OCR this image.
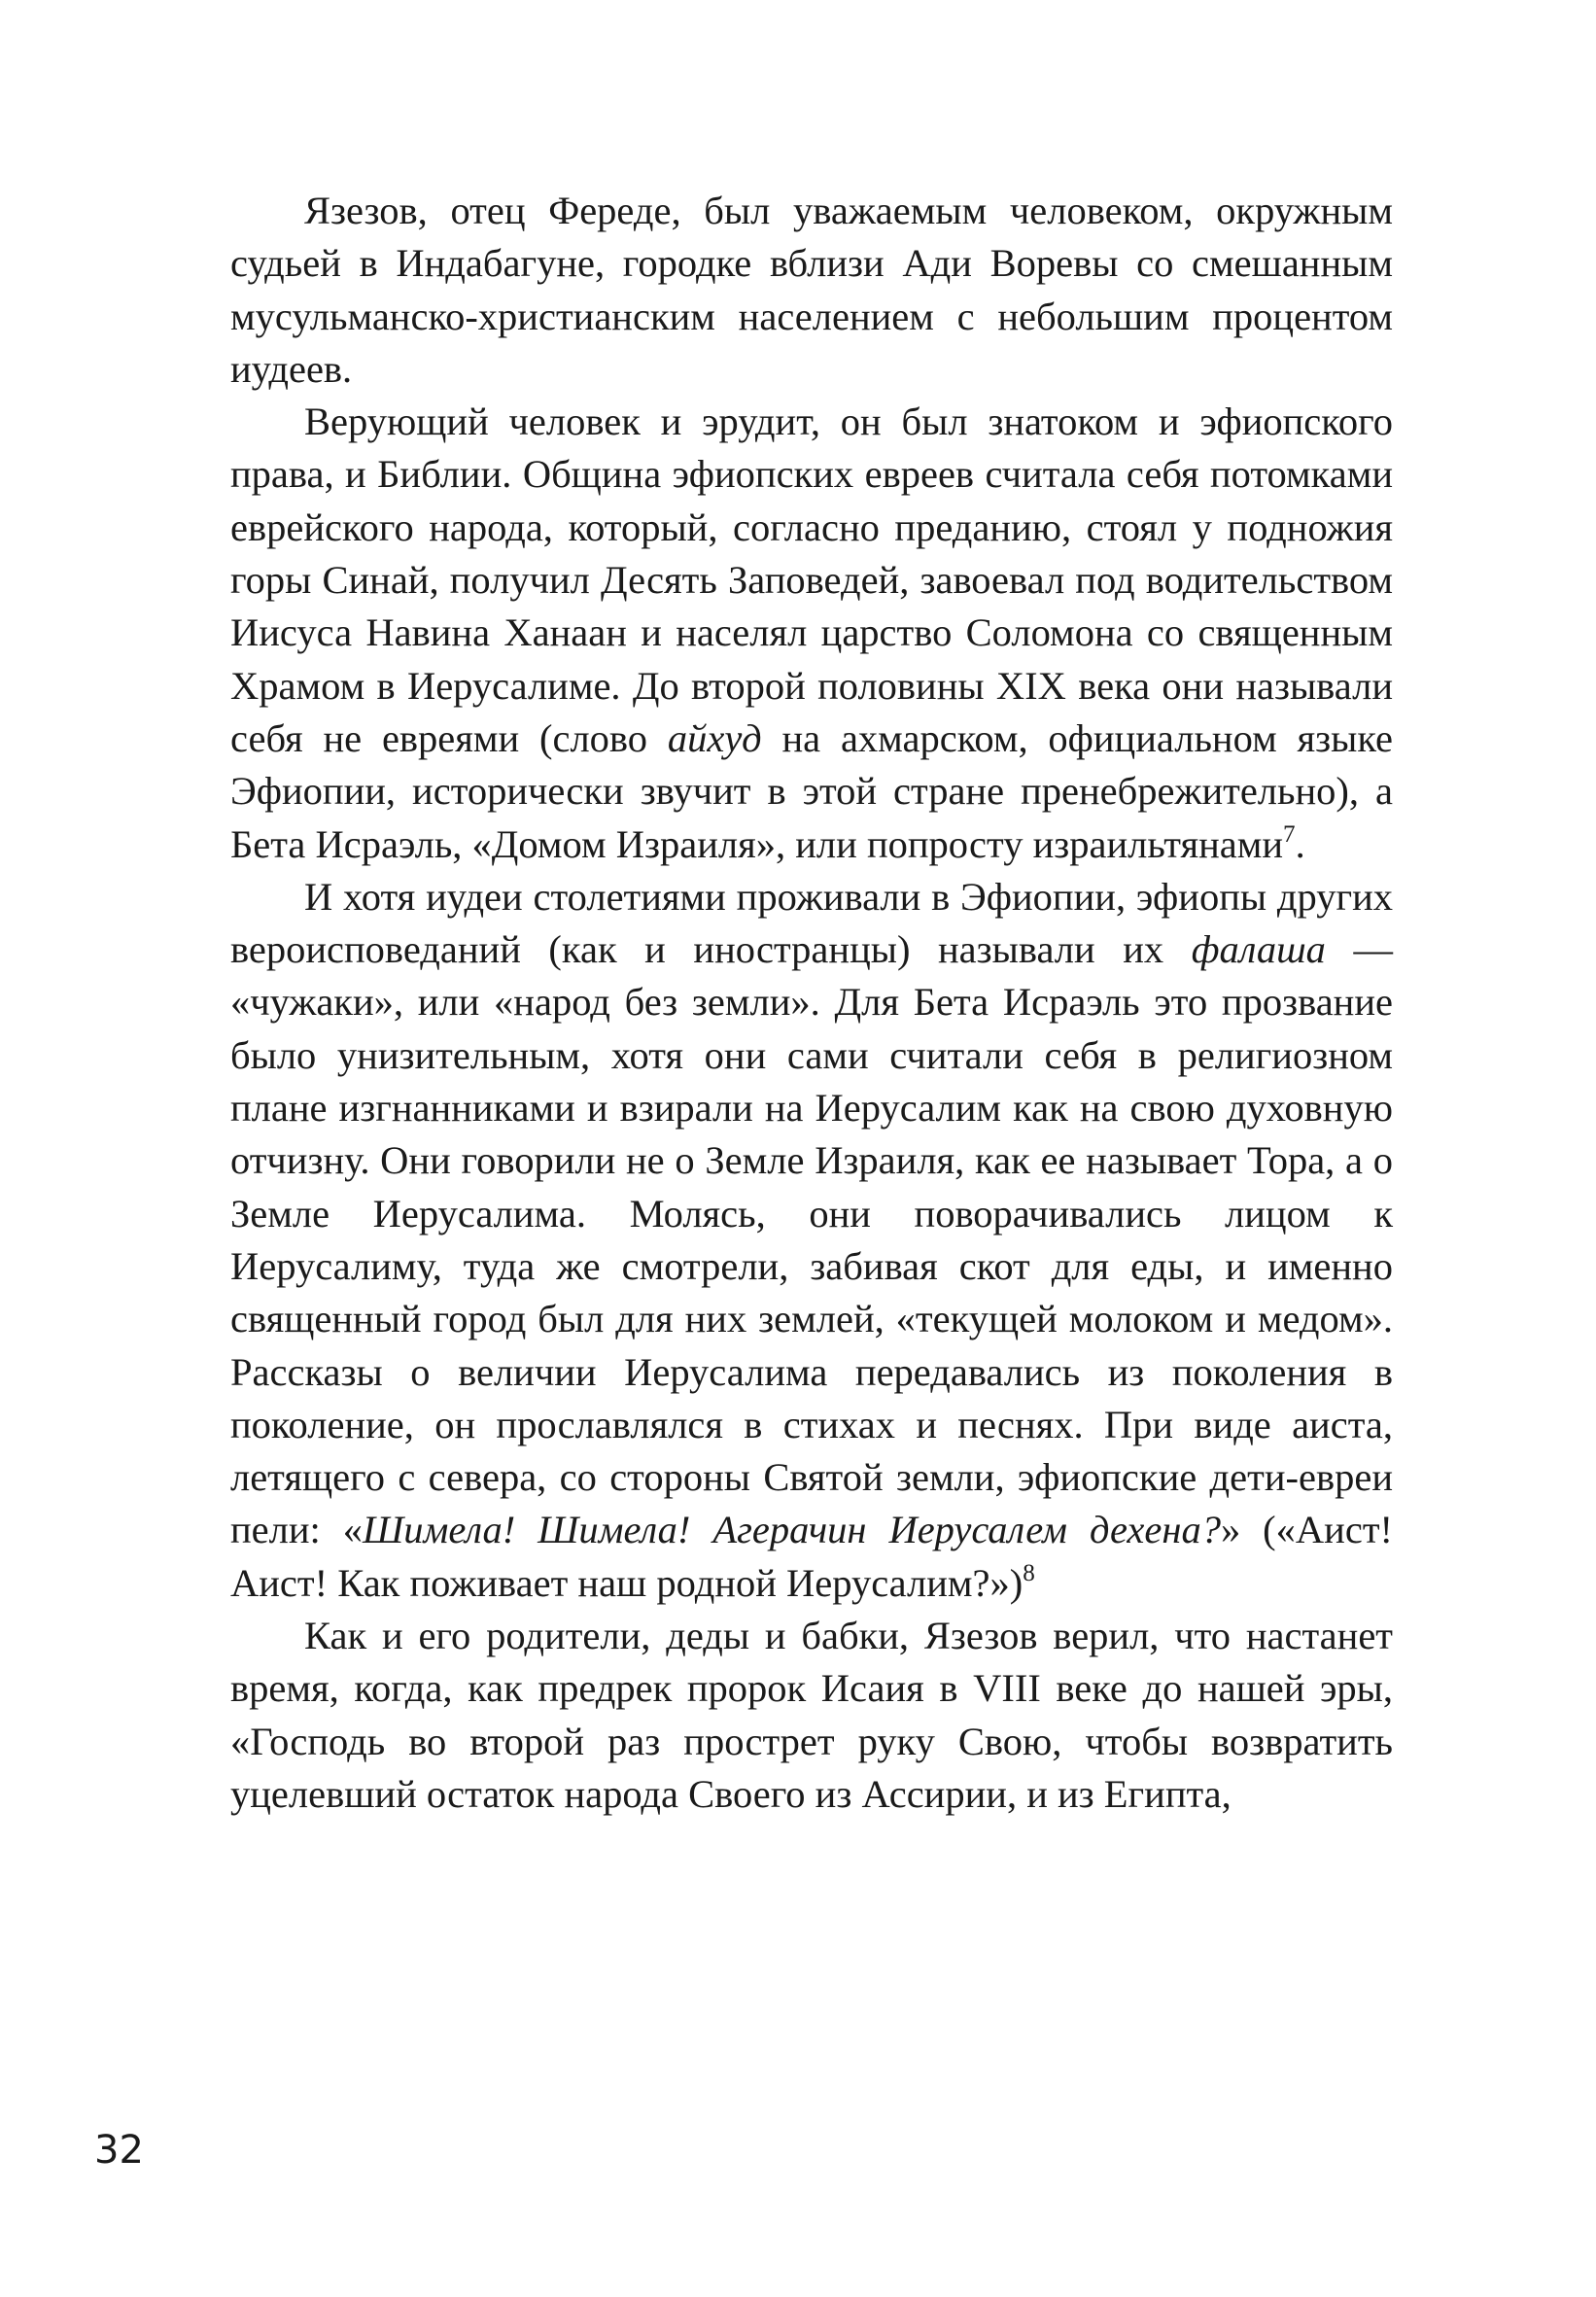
Язезов, отец Фереде, был уважаемым человеком, окружным судьей в Индабагуне, городке вблизи Ади Воревы со смешанным мусульманско-христианским населением с небольшим процентом иудеев.

Верующий человек и эрудит, он был знатоком и эфиопского права, и Библии. Община эфиопских евреев считала себя потомками еврейского народа, который, согласно преданию, стоял у подножия горы Синай, получил Десять Заповедей, завоевал под водительством Иисуса Навина Ханаан и населял царство Соломона со священным Храмом в Иерусалиме. До второй половины XIX века они называли себя не евреями (слово айхуд на ахмарском, официальном языке Эфиопии, исторически звучит в этой стране пренебрежительно), а Бета Исраэль, «Домом Израиля», или попросту израильтянами$^7$.

И хотя иудеи столетиями проживали в Эфиопии, эфиопы других вероисповеданий (как и иностранцы) называли их фалаша — «чужаки», или «народ без земли». Для Бета Исраэль это прозвание было унизительным, хотя они сами считали себя в религиозном плане изгнанниками и взирали на Иерусалим как на свою духовную отчизну. Они говорили не о Земле Израиля, как ее называет Тора, а о Земле Иерусалима. Молясь, они поворачивались лицом к Иерусалиму, туда же смотрели, забивая скот для еды, и именно священный город был для них землей, «текущей молоком и медом». Рассказы о величии Иерусалима передавались из поколения в поколение, он прославлялся в стихах и песнях. При виде аиста, летящего с севера, со стороны Святой земли, эфиопские дети-евреи пели: «Шимела! Шимела! Агерачин Иерусалем дехена?» («Аист! Аист! Как поживает наш родной Иерусалим?»)$^8$

Как и его родители, деды и бабки, Язезов верил, что настанет время, когда, как предрек пророк Исаия в VIII веке до нашей эры, «Господь во второй раз прострет руку Свою, чтобы возвратить уцелевший остаток народа Своего из Ассирии, и из Египта,

32
